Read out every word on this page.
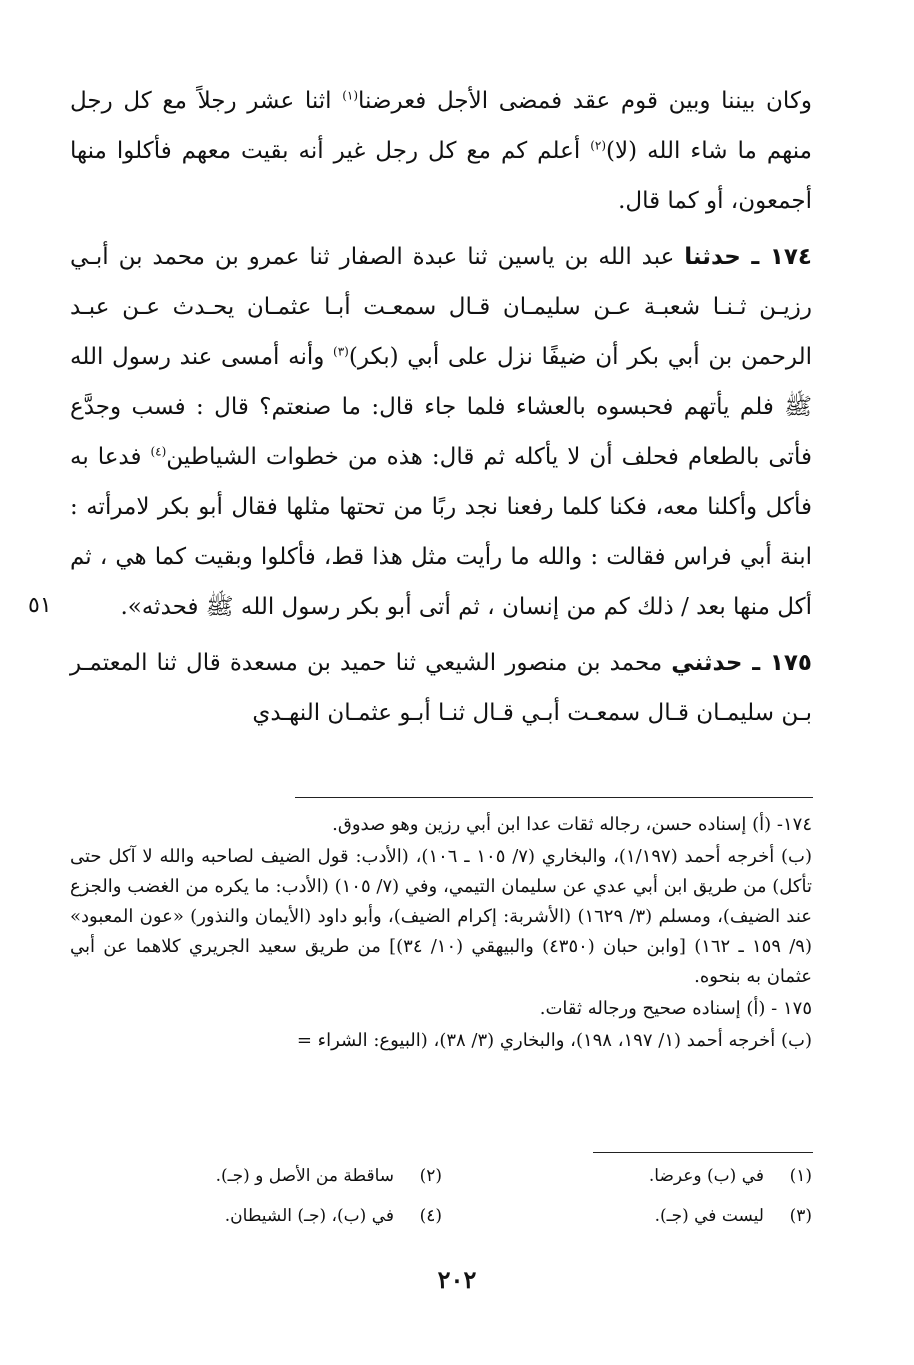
وكان بيننا وبين قوم عقد فمضى الأجل فعرضنا$^{(١)}$ اثنا عشر رجلاً مع كل رجل منهم ما شاء الله (لا)$^{(٢)}$ أعلم كم مع كل رجل غير أنه بقيت معهم فأكلوا منها أجمعون، أو كما قال.

١٧٤ ـ حدثنا عبد الله بن ياسين ثنا عبدة الصفار ثنا عمرو بن محمد بن أبـي رزيـن ثـنـا شعبـة عـن سليمـان قـال سمعـت أبـا عثمـان يحـدث عـن عبـد الرحمن بن أبي بكر أن ضيفًا نزل على أبي (بكر)$^{(٣)}$ وأنه أمسى عند رسول الله ﷺ فلم يأتهم فحبسوه بالعشاء فلما جاء قال: ما صنعتم؟ قال : فسب وجدَّع فأتى بالطعام فحلف أن لا يأكله ثم قال: هذه من خطوات الشياطين$^{(٤)}$ فدعا به فأكل وأكلنا معه، فكنا كلما رفعنا نجد ربًا من تحتها مثلها فقال أبو بكر لامرأته : ابنة أبي فراس فقالت : والله ما رأيت مثل هذا قط، فأكلوا وبقيت كما هي ، ثم أكل منها بعد / ذلك كم من إنسان ، ثم أتى أبو بكر رسول الله ﷺ فحدثه».

١٧٥ ـ حدثني محمد بن منصور الشيعي ثنا حميد بن مسعدة قال ثنا المعتمـر بـن سليمـان قـال سمعـت أبـي قـال ثنـا أبـو عثمـان النهـدي

٥١

١٧٤- (أ) إسناده حسن، رجاله ثقات عدا ابن أبي رزين وهو صدوق.

(ب) أخرجه أحمد (١/١٩٧)، والبخاري (٧/ ١٠٥ ـ ١٠٦)، (الأدب: قول الضيف لصاحبه والله لا آكل حتى تأكل) من طريق ابن أبي عدي عن سليمان التيمي، وفي (٧/ ١٠٥) (الأدب: ما يكره من الغضب والجزع عند الضيف)، ومسلم (٣/ ١٦٢٩) (الأشربة: إكرام الضيف)، وأبو داود (الأيمان والنذور) «عون المعبود» (٩/ ١٥٩ ـ ١٦٢) [وابن حبان (٤٣٥٠) والبيهقي (١٠/ ٣٤)] من طريق سعيد الجريري كلاهما عن أبي عثمان به بنحوه.

١٧٥ - (أ) إسناده صحيح ورجاله ثقات.

(ب) أخرجه أحمد (١/ ١٩٧، ١٩٨)، والبخاري (٣/ ٣٨)، (البيوع: الشراء =

(١)
في (ب) وعرضا.
(٢)
ساقطة من الأصل و (جـ).
(٣)
ليست في (جـ).
(٤)
في (ب)، (جـ) الشيطان.
٢٠٢
